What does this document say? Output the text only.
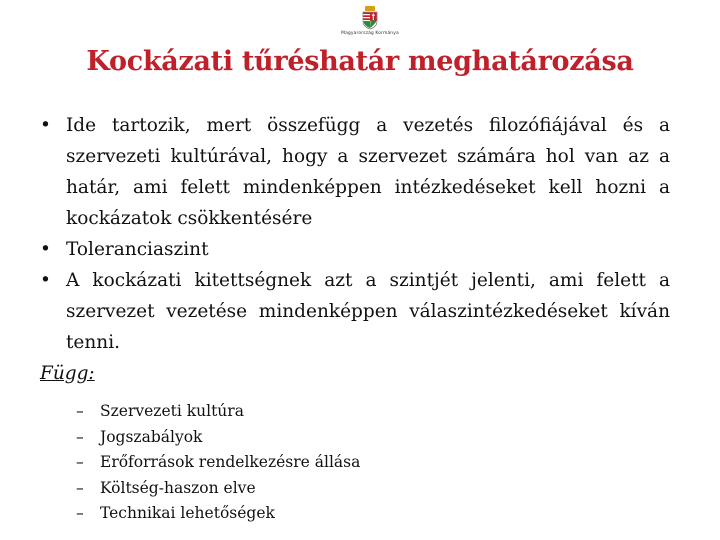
Magyarország Kormánya
Kockázati tűréshatár meghatározása
• Ide tartozik, mert összefügg a vezetés filozófiájával és a szervezeti kultúrával, hogy a szervezet számára hol van az a határ, ami felett mindenképpen intézkedéseket kell hozni a kockázatok csökkentésére
• Toleranciaszint
• A kockázati kitettségnek azt a szintjét jelenti, ami felett a szervezet vezetése mindenképpen válaszintézkedéseket kíván tenni.
Függ:
–	Szervezeti kultúra
–	Jogszabályok
–	Erőforrások rendelkezésre állása
–	Költség-haszon elve
–	Technikai lehetőségek
